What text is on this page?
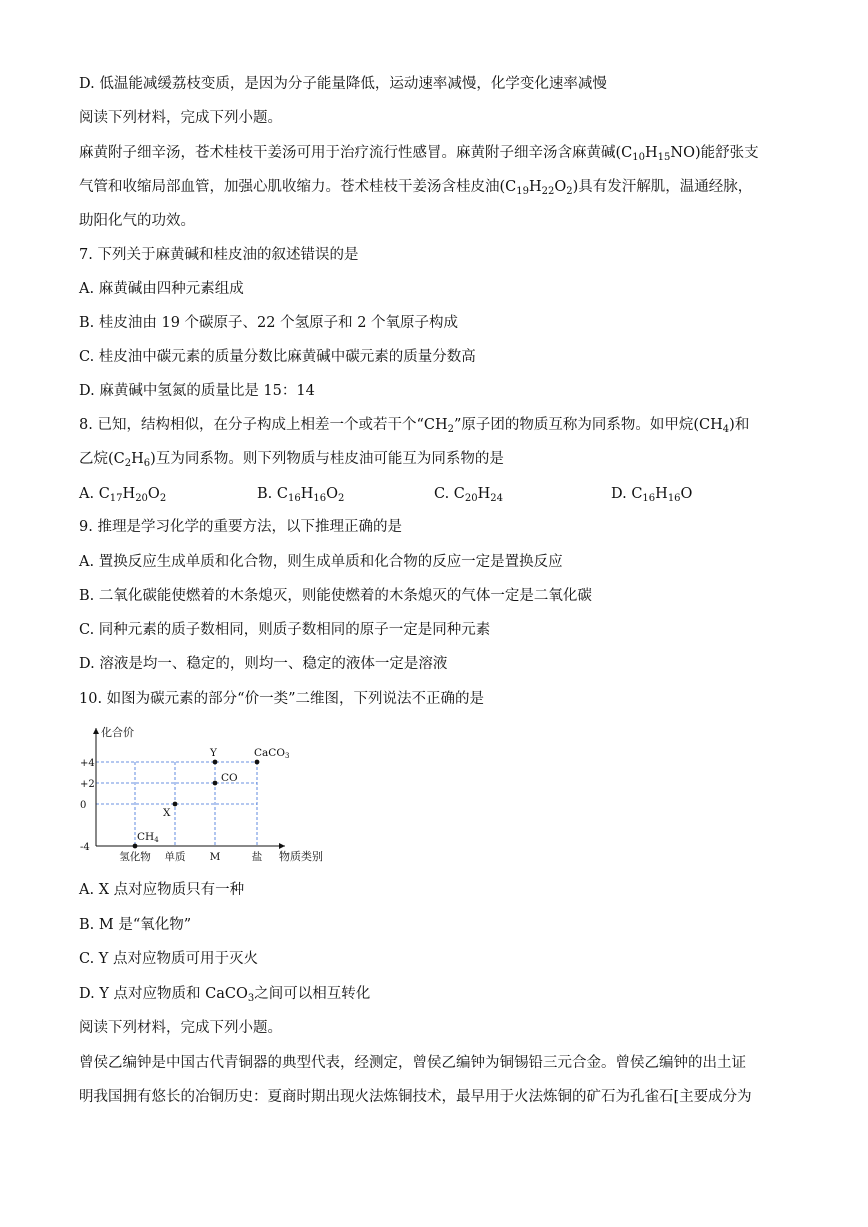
D. 低温能减缓荔枝变质，是因为分子能量降低，运动速率减慢，化学变化速率减慢
阅读下列材料，完成下列小题。
麻黄附子细辛汤，苍术桂枝干姜汤可用于治疗流行性感冒。麻黄附子细辛汤含麻黄碱$(C_{10}H_{15}NO)$能舒张支
气管和收缩局部血管，加强心肌收缩力。苍术桂枝干姜汤含桂皮油$(C_{19}H_{22}O_2)$具有发汗解肌，温通经脉，
助阳化气的功效。
7. 下列关于麻黄碱和桂皮油的叙述错误的是
A. 麻黄碱由四种元素组成
B. 桂皮油由 19 个碳原子、22 个氢原子和 2 个氧原子构成
C. 桂皮油中碳元素的质量分数比麻黄碱中碳元素的质量分数高
D. 麻黄碱中氢氮的质量比是 15：14
8. 已知，结构相似，在分子构成上相差一个或若干个“$CH_2$”原子团的物质互称为同系物。如甲烷$(CH_4)$和
乙烷$(C_2H_6)$互为同系物。则下列物质与桂皮油可能互为同系物的是
A. $C_{17}H_{20}O_2$	B. $C_{16}H_{16}O_2$	C. $C_{20}H_{24}$	D. $C_{16}H_{16}O$
9. 推理是学习化学的重要方法，以下推理正确的是
A. 置换反应生成单质和化合物，则生成单质和化合物的反应一定是置换反应
B. 二氧化碳能使燃着的木条熄灭，则能使燃着的木条熄灭的气体一定是二氧化碳
C. 同种元素的质子数相同，则质子数相同的原子一定是同种元素
D. 溶液是均一、稳定的，则均一、稳定的液体一定是溶液
10. 如图为碳元素的部分“价一类”二维图，下列说法不正确的是
化合价
物质类别
+4
+2
0
-4
氢化物 单质 M	盐
CH4
X
CO
Y	CaCO3
A. X 点对应物质只有一种
B. M 是“氧化物”
C. Y 点对应物质可用于灭火
D. Y 点对应物质和 CaCO$_3$之间可以相互转化
阅读下列材料，完成下列小题。
曾侯乙编钟是中国古代青铜器的典型代表，经测定，曾侯乙编钟为铜锡铅三元合金。曾侯乙编钟的出土证
明我国拥有悠长的冶铜历史：夏商时期出现火法炼铜技术，最早用于火法炼铜的矿石为孔雀石[主要成分为
